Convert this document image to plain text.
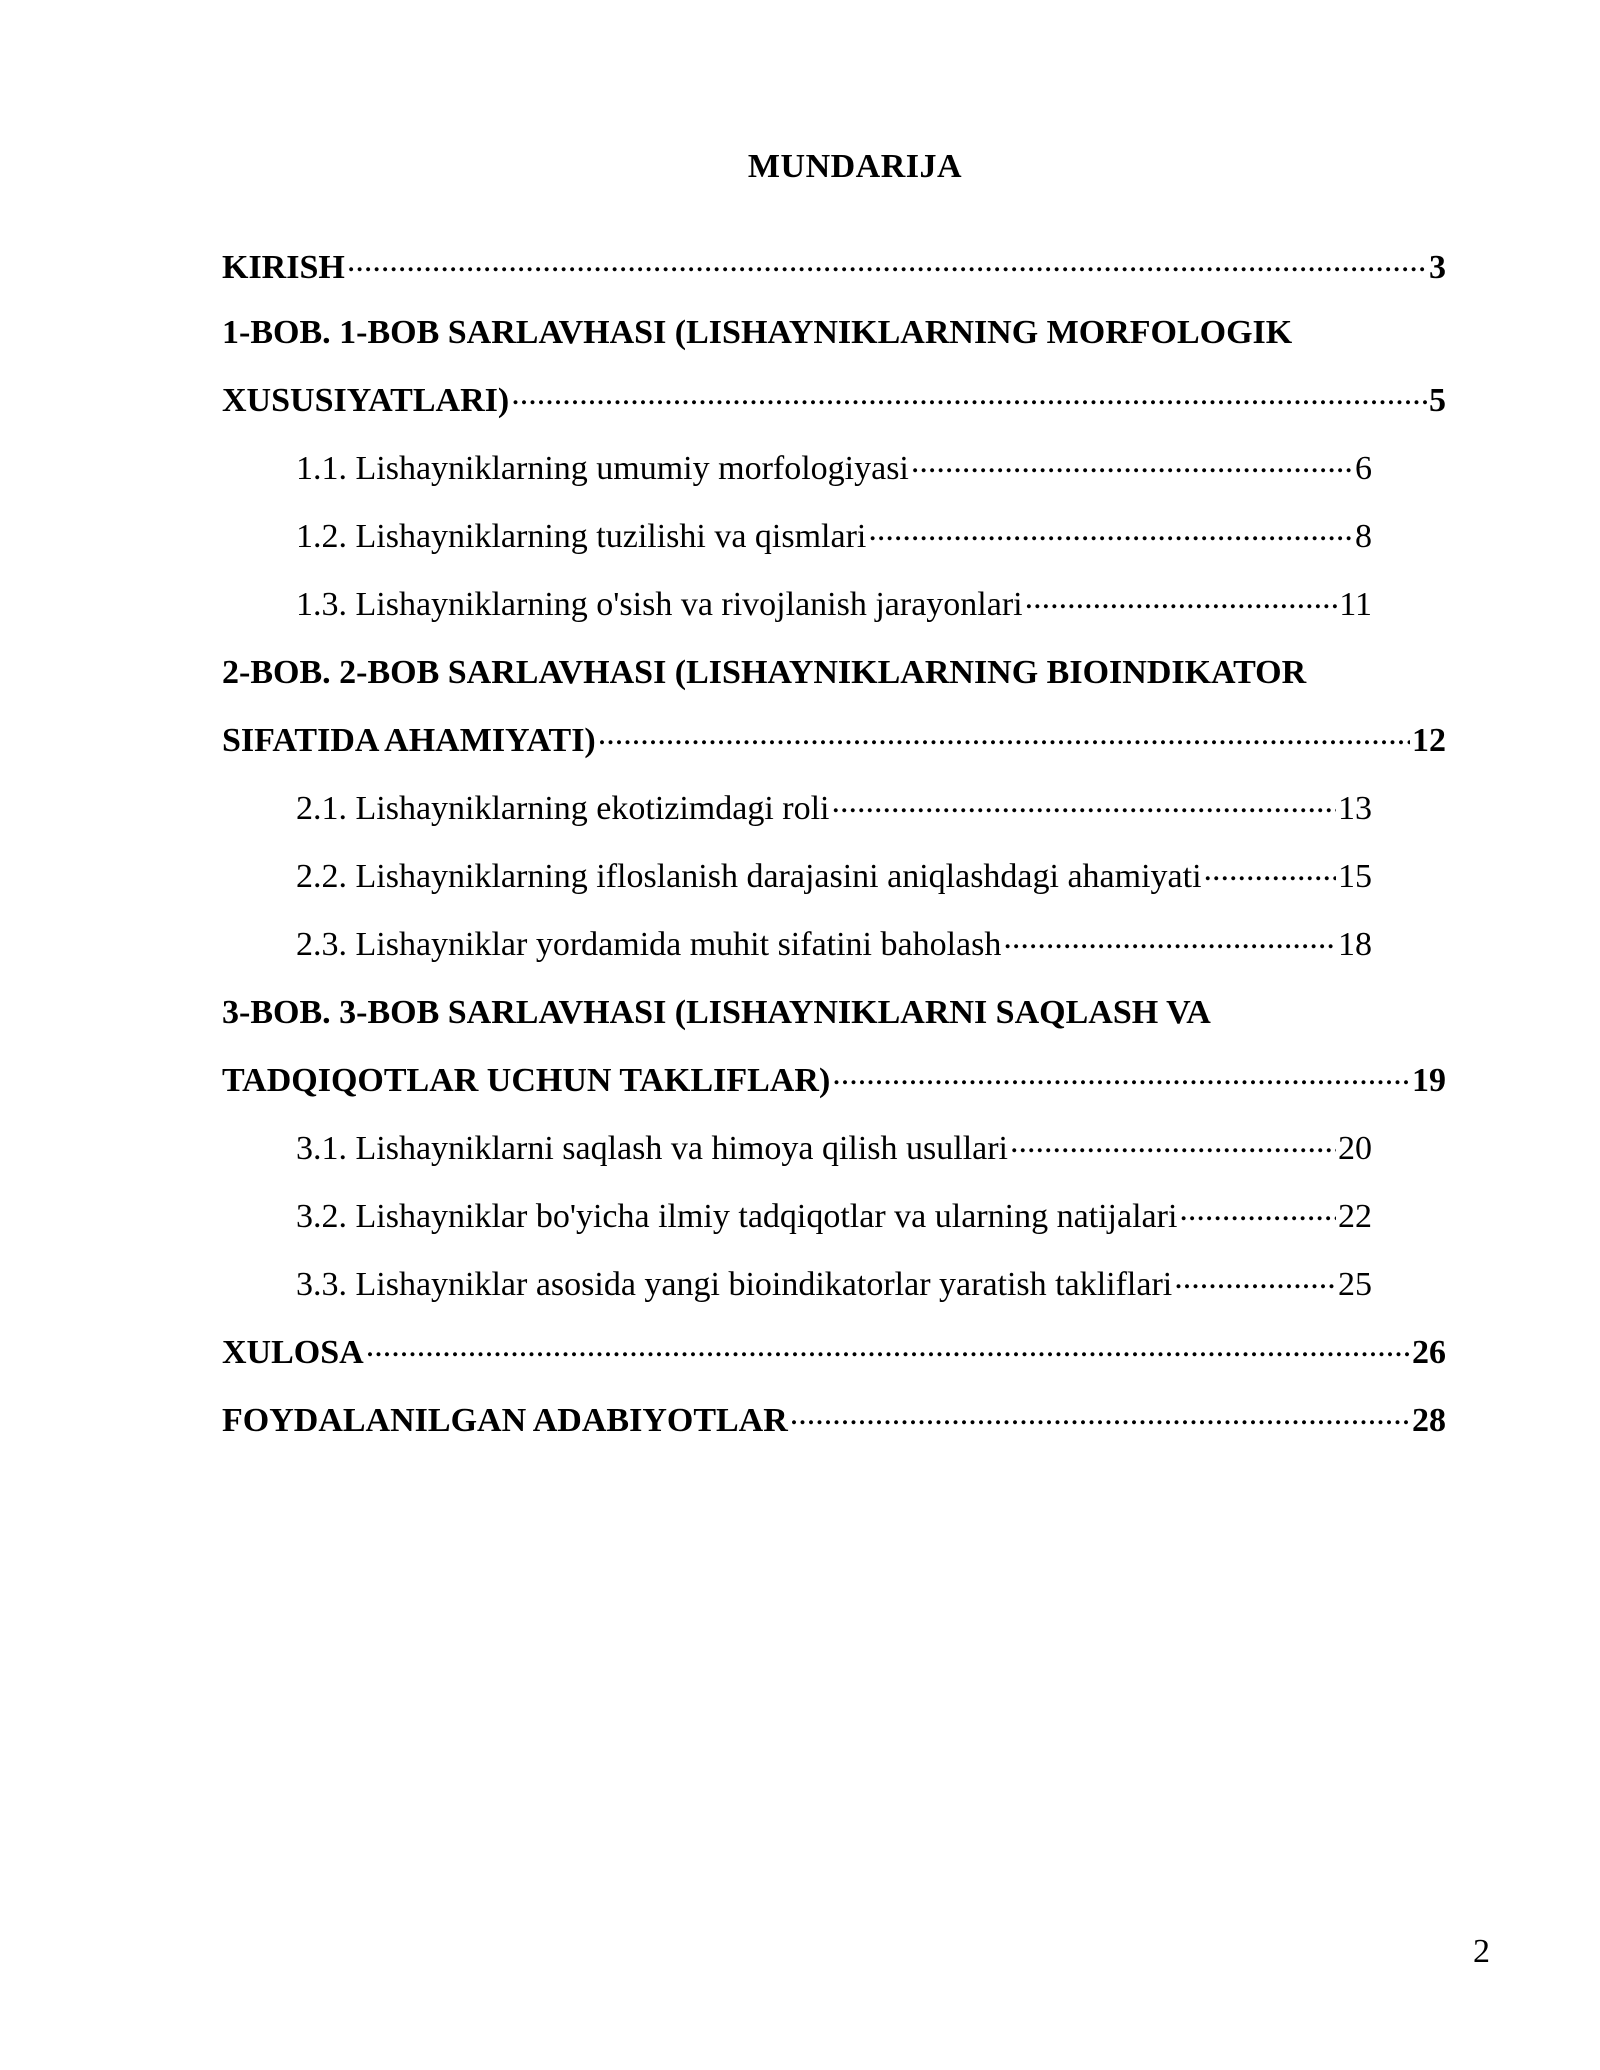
MUNDARIJA
KIRISH .....	3
1-BOB. 1-BOB SARLAVHASI (LISHAYNIKLARNING MORFOLOGIK
XUSUSIYATLARI) .....	5
1.1. Lishayniklarning umumiy morfologiyasi .....	6
1.2. Lishayniklarning tuzilishi va qismlari .....	8
1.3. Lishayniklarning o'sish va rivojlanish jarayonlari .....	11
2-BOB. 2-BOB SARLAVHASI (LISHAYNIKLARNING BIOINDIKATOR
SIFATIDA AHAMIYATI) .....	12
2.1. Lishayniklarning ekotizimdagi roli .....	13
2.2. Lishayniklarning ifloslanish darajasini aniqlashdagi ahamiyati .....	15
2.3. Lishayniklar yordamida muhit sifatini baholash .....	18
3-BOB. 3-BOB SARLAVHASI (LISHAYNIKLARNI SAQLASH VA
TADQIQOTLAR UCHUN TAKLIFLAR) .....	19
3.1. Lishayniklarni saqlash va himoya qilish usullari .....	20
3.2. Lishayniklar bo'yicha ilmiy tadqiqotlar va ularning natijalari .....	22
3.3. Lishayniklar asosida yangi bioindikatorlar yaratish takliflari .....	25
XULOSA .....	26
FOYDALANILGAN ADABIYOTLAR .....	28
2
